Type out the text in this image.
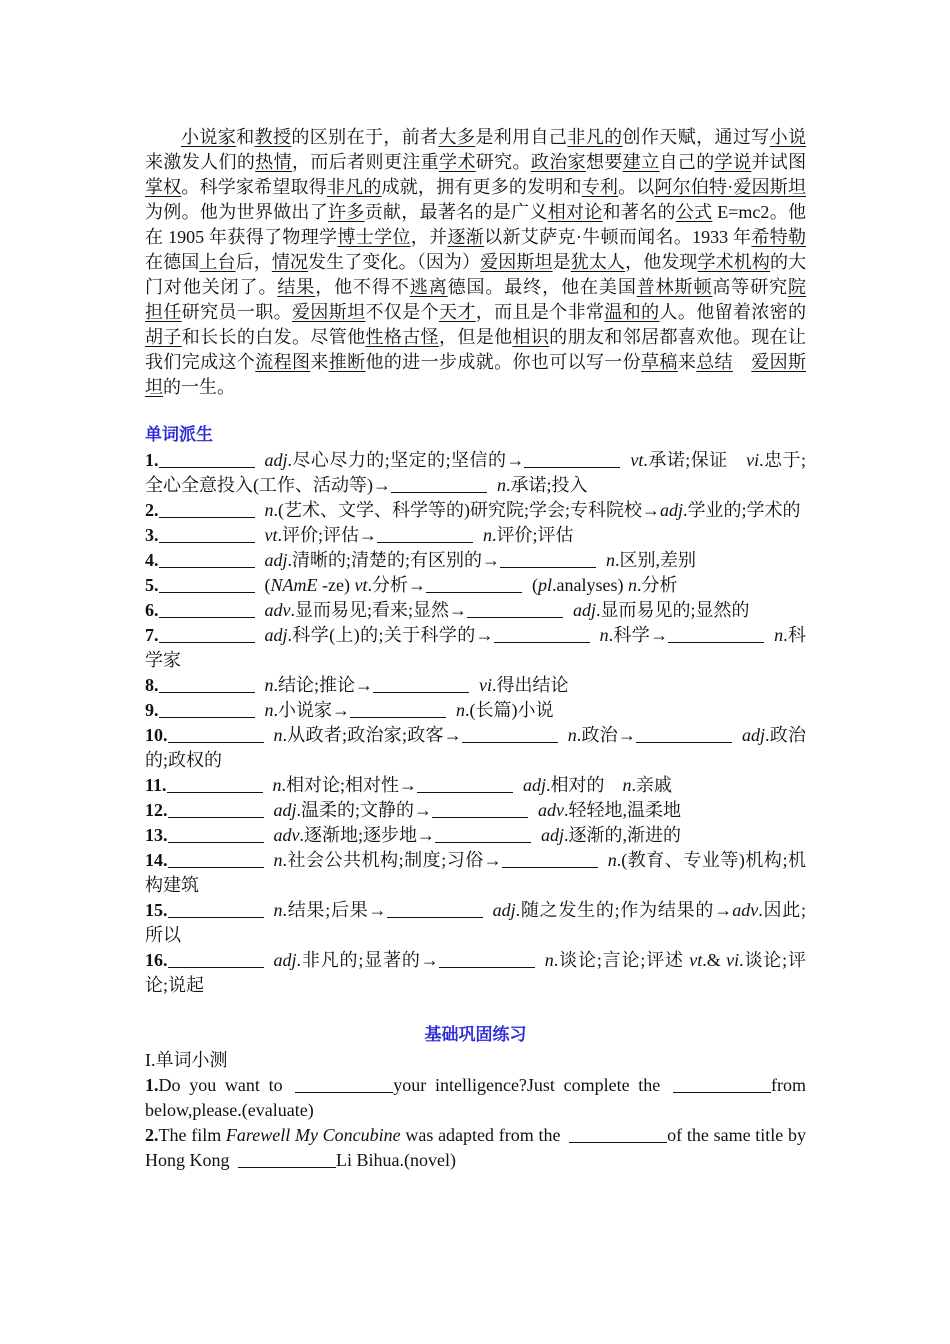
小说家和教授的区别在于，前者大多是利用自己非凡的创作天赋，通过写小说来激发人们的热情，而后者则更注重学术研究。政治家想要建立自己的学说并试图掌权。科学家希望取得非凡的成就，拥有更多的发明和专利。以阿尔伯特·爱因斯坦为例。他为世界做出了许多贡献，最著名的是广义相对论和著名的公式 E=mc2。他在 1905 年获得了物理学博士学位，并逐渐以新艾萨克·牛顿而闻名。1933 年希特勒在德国上台后，情况发生了变化。（因为）爱因斯坦是犹太人，他发现学术机构的大门对他关闭了。结果，他不得不逃离德国。最终，他在美国普林斯顿高等研究院　担任研究员一职。爱因斯坦不仅是个天才，而且是个非常温和的人。他留着浓密的胡子和长长的白发。尽管他性格古怪，但是他相识的朋友和邻居都喜欢他。现在让我们完成这个流程图来推断他的进一步成就。你也可以写一份草稿来总结　 爱因斯坦的一生。

单词派生

1.	adj.尽心尽力的;坚定的;坚信的→	vt.承诺;保证　vi.忠于;全心全意投入(工作、活动等)→	n.承诺;投入

2.	n.(艺术、文学、科学等的)研究院;学会;专科院校→adj.学业的;学术的

3.	vt.评价;评估→	n.评价;评估

4.	adj.清晰的;清楚的;有区别的→	n.区别,差别

5.	(NAmE -ze) vt.分析→	(pl.analyses) n.分析

6.	adv.显而易见;看来;显然→	adj.显而易见的;显然的

7.	adj.科学(上)的;关于科学的→	n.科学→	n.科学家

8.	n.结论;推论→	vi.得出结论

9.	n.小说家→	n.(长篇)小说

10.	n.从政者;政治家;政客→	n.政治→	adj.政治的;政权的

11.	n.相对论;相对性→	adj.相对的　n.亲戚

12.	adj.温柔的;文静的→	adv.轻轻地,温柔地

13.	adv.逐渐地;逐步地→	adj.逐渐的,渐进的

14.	n.社会公共机构;制度;习俗→	n.(教育、专业等)机构;机构建筑

15.	n.结果;后果→	adj.随之发生的;作为结果的→adv.因此;所以

16.	adj.非凡的;显著的→	n.谈论;言论;评述 vt.& vi.谈论;评论;说起

基础巩固练习

I.单词小测

1.Do you want to	your intelligence?Just complete the	from below,please.(evaluate)

2.The film Farewell My Concubine was adapted from the	of the same title by Hong Kong	Li Bihua.(novel)
